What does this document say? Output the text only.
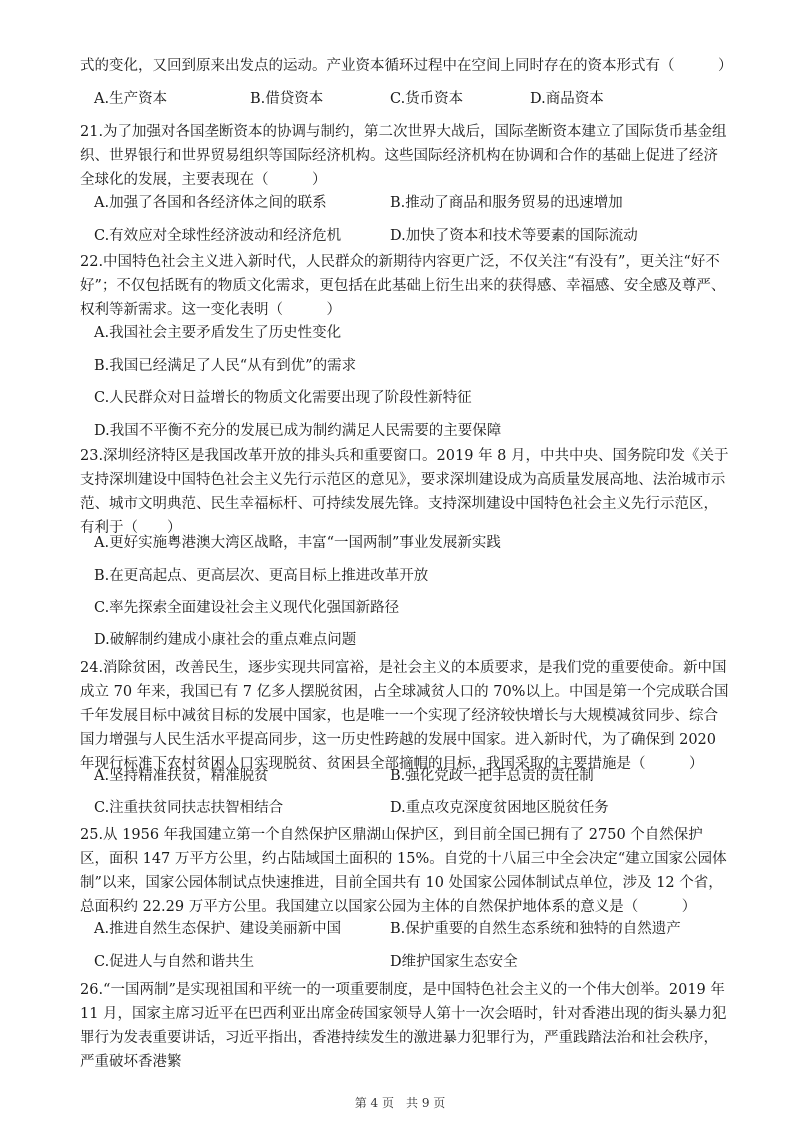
式的变化，又回到原来出发点的运动。产业资本循环过程中在空间上同时存在的资本形式有（　　　）
A.生产资本	B.借贷资本	C.货币资本	D.商品资本
21.为了加强对各国垄断资本的协调与制约，第二次世界大战后，国际垄断资本建立了国际货币基金组织、世界银行和世界贸易组织等国际经济机构。这些国际经济机构在协调和合作的基础上促进了经济全球化的发展，主要表现在（　　　）
A.加强了各国和各经济体之间的联系	B.推动了商品和服务贸易的迅速增加
C.有效应对全球性经济波动和经济危机	D.加快了资本和技术等要素的国际流动
22.中国特色社会主义进入新时代，人民群众的新期待内容更广泛，不仅关注“有没有”，更关注“好不好”；不仅包括既有的物质文化需求，更包括在此基础上衍生出来的获得感、幸福感、安全感及尊严、权利等新需求。这一变化表明（　　　）
A.我国社会主要矛盾发生了历史性变化
B.我国已经满足了人民“从有到优”的需求
C.人民群众对日益增长的物质文化需要出现了阶段性新特征
D.我国不平衡不充分的发展已成为制约满足人民需要的主要保障
23.深圳经济特区是我国改革开放的排头兵和重要窗口。2019 年 8 月，中共中央、国务院印发《关于支持深圳建设中国特色社会主义先行示范区的意见》，要求深圳建设成为高质量发展高地、法治城市示范、城市文明典范、民生幸福标杆、可持续发展先锋。支持深圳建设中国特色社会主义先行示范区，有利于（　　）
A.更好实施粤港澳大湾区战略，丰富“一国两制”事业发展新实践
B.在更高起点、更高层次、更高目标上推进改革开放
C.率先探索全面建设社会主义现代化强国新路径
D.破解制约建成小康社会的重点难点问题
24.消除贫困，改善民生，逐步实现共同富裕，是社会主义的本质要求，是我们党的重要使命。新中国成立 70 年来，我国已有 7 亿多人摆脱贫困，占全球减贫人口的 70%以上。中国是第一个完成联合国千年发展目标中减贫目标的发展中国家，也是唯一一个实现了经济较快增长与大规模减贫同步、综合国力增强与人民生活水平提高同步，这一历史性跨越的发展中国家。进入新时代，为了确保到 2020 年现行标准下农村贫困人口实现脱贫、贫困县全部摘帽的目标，我国采取的主要措施是（　　　）
A.坚持精准扶贫，精准脱贫	B.强化党政一把手总责的责任制
C.注重扶贫同扶志扶智相结合	D.重点攻克深度贫困地区脱贫任务
25.从 1956 年我国建立第一个自然保护区鼎湖山保护区，到目前全国已拥有了 2750 个自然保护区，面积 147 万平方公里，约占陆域国土面积的 15%。自党的十八届三中全会决定“建立国家公园体制”以来，国家公园体制试点快速推进，目前全国共有 10 处国家公园体制试点单位，涉及 12 个省，总面积约 22.29 万平方公里。我国建立以国家公园为主体的自然保护地体系的意义是（　　　）
A.推进自然生态保护、建设美丽新中国	B.保护重要的自然生态系统和独特的自然遗产
C.促进人与自然和谐共生	D维护国家生态安全
26.“一国两制”是实现祖国和平统一的一项重要制度，是中国特色社会主义的一个伟大创举。2019 年 11 月，国家主席习近平在巴西利亚出席金砖国家领导人第十一次会晤时，针对香港出现的街头暴力犯罪行为发表重要讲话，习近平指出，香港持续发生的激进暴力犯罪行为，严重践踏法治和社会秩序，严重破坏香港繁
第 4 页　共 9 页
